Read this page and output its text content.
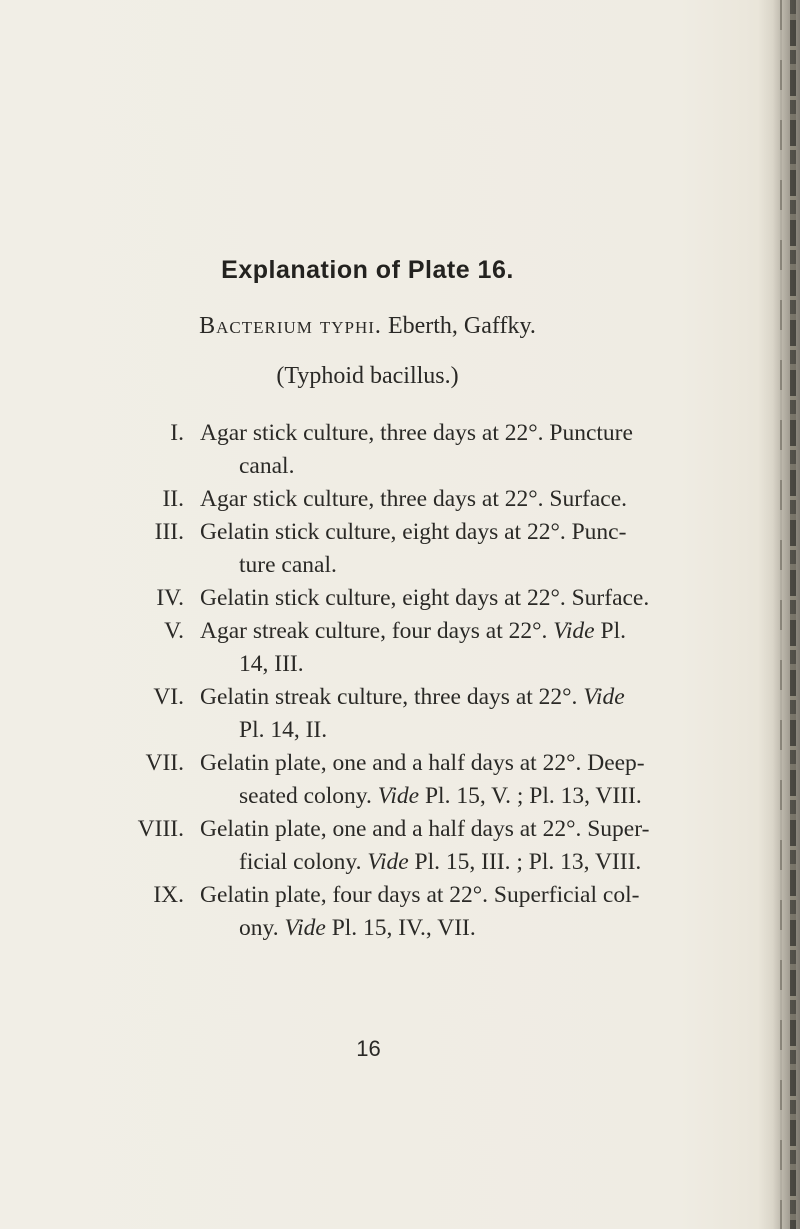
Explanation of Plate 16.
Bacterium typhi. Eberth, Gaffky.
(Typhoid bacillus.)
I. Agar stick culture, three days at 22°. Puncture
canal.
II. Agar stick culture, three days at 22°. Surface.
III. Gelatin stick culture, eight days at 22°. Punc-
ture canal.
IV. Gelatin stick culture, eight days at 22°. Surface.
V. Agar streak culture, four days at 22°. Vide Pl.
14, III.
VI. Gelatin streak culture, three days at 22°. Vide
Pl. 14, II.
VII. Gelatin plate, one and a half days at 22°. Deep-
seated colony. Vide Pl. 15, V. ; Pl. 13, VIII.
VIII. Gelatin plate, one and a half days at 22°. Super-
ficial colony. Vide Pl. 15, III. ; Pl. 13, VIII.
IX. Gelatin plate, four days at 22°. Superficial col-
ony. Vide Pl. 15, IV., VII.
16
